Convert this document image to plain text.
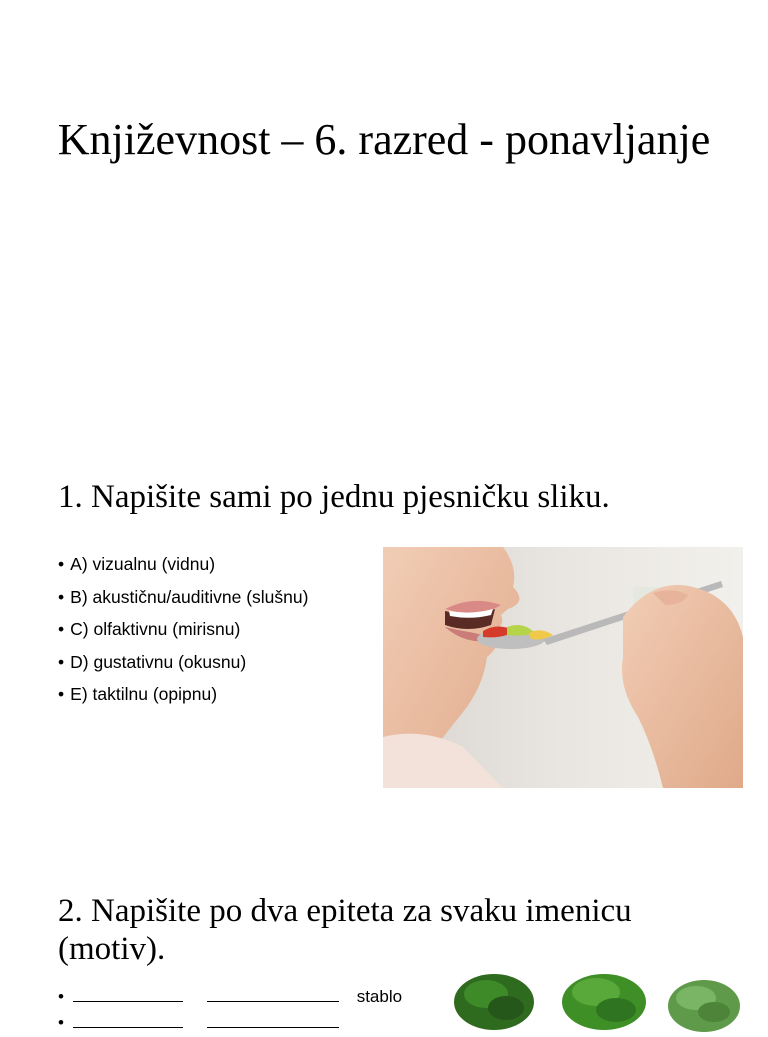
Književnost – 6. razred - ponavljanje
1. Napišite sami po jednu pjesničku sliku.
• A) vizualnu (vidnu)
• B) akustičnu/auditivne (slušnu)
• C) olfaktivnu (mirisnu)
• D) gustativnu (okusnu)
• E) taktilnu (opipnu)
2. Napišite po dva epiteta za svaku imenicu (motiv).
• stablo
•
